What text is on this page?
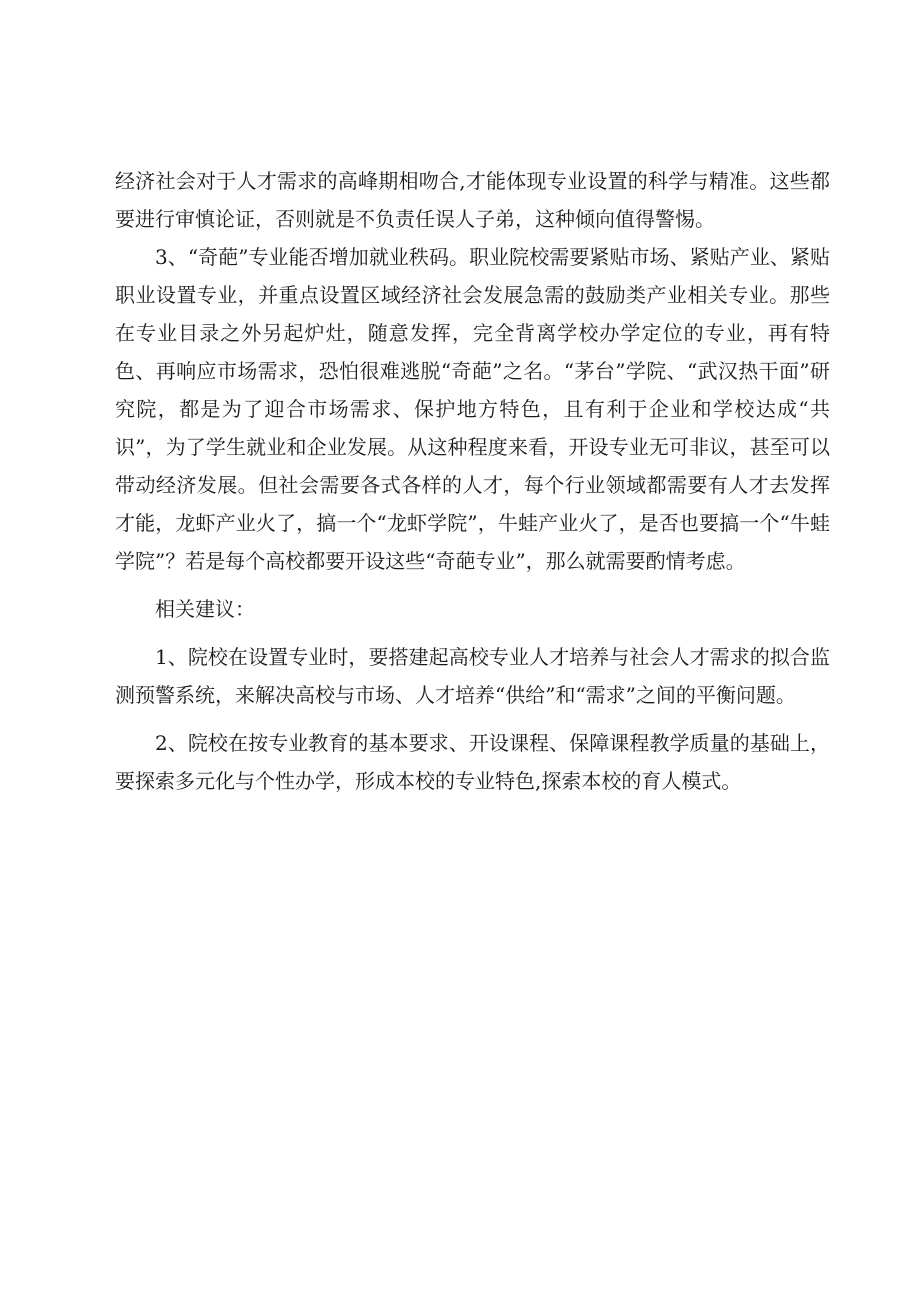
经济社会对于人才需求的高峰期相吻合,才能体现专业设置的科学与精准。这些都要进行审慎论证，否则就是不负责任误人子弟，这种倾向值得警惕。

3、“奇葩”专业能否增加就业秩码。职业院校需要紧贴市场、紧贴产业、紧贴职业设置专业，并重点设置区域经济社会发展急需的鼓励类产业相关专业。那些在专业目录之外另起炉灶，随意发挥，完全背离学校办学定位的专业，再有特色、再响应市场需求，恐怕很难逃脱“奇葩”之名。“茅台”学院、“武汉热干面”研究院，都是为了迎合市场需求、保护地方特色，且有利于企业和学校达成“共识”，为了学生就业和企业发展。从这种程度来看，开设专业无可非议，甚至可以带动经济发展。但社会需要各式各样的人才，每个行业领域都需要有人才去发挥才能，龙虾产业火了，搞一个“龙虾学院”，牛蛙产业火了，是否也要搞一个“牛蛙学院”？若是每个高校都要开设这些“奇葩专业”，那么就需要酌情考虑。

相关建议：

1、院校在设置专业时，要搭建起高校专业人才培养与社会人才需求的拟合监测预警系统，来解决高校与市场、人才培养“供给”和“需求”之间的平衡问题。

2、院校在按专业教育的基本要求、开设课程、保障课程教学质量的基础上，要探索多元化与个性办学，形成本校的专业特色,探索本校的育人模式。
